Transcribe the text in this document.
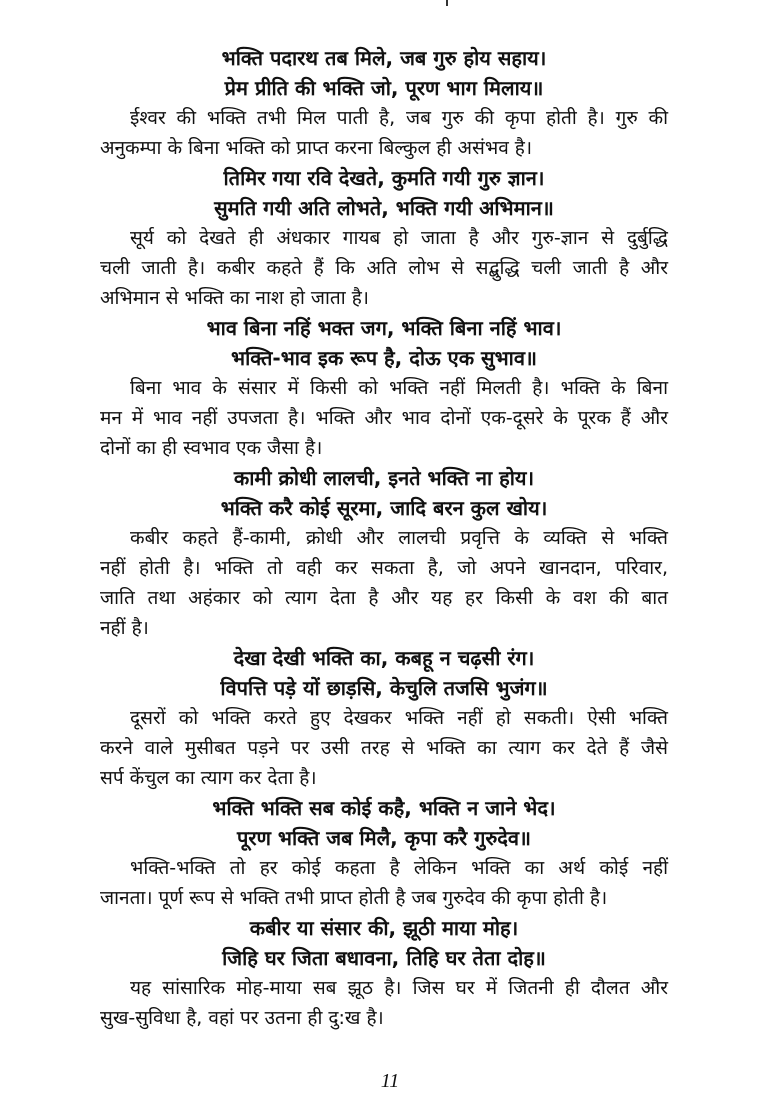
भक्ति पदारथ तब मिले, जब गुरु होय सहाय।
प्रेम प्रीति की भक्ति जो, पूरण भाग मिलाय॥
ईश्वर की भक्ति तभी मिल पाती है, जब गुरु की कृपा होती है। गुरु की
अनुकम्पा के बिना भक्ति को प्राप्त करना बिल्कुल ही असंभव है।
तिमिर गया रवि देखते, कुमति गयी गुरु ज्ञान।
सुमति गयी अति लोभते, भक्ति गयी अभिमान॥
सूर्य को देखते ही अंधकार गायब हो जाता है और गुरु-ज्ञान से दुर्बुद्धि
चली जाती है। कबीर कहते हैं कि अति लोभ से सद्बुद्धि चली जाती है और
अभिमान से भक्ति का नाश हो जाता है।
भाव बिना नहिं भक्त जग, भक्ति बिना नहिं भाव।
भक्ति-भाव इक रूप है, दोऊ एक सुभाव॥
बिना भाव के संसार में किसी को भक्ति नहीं मिलती है। भक्ति के बिना
मन में भाव नहीं उपजता है। भक्ति और भाव दोनों एक-दूसरे के पूरक हैं और
दोनों का ही स्वभाव एक जैसा है।
कामी क्रोधी लालची, इनते भक्ति ना होय।
भक्ति करै कोई सूरमा, जादि बरन कुल खोय।
कबीर कहते हैं-कामी, क्रोधी और लालची प्रवृत्ति के व्यक्ति से भक्ति
नहीं होती है। भक्ति तो वही कर सकता है, जो अपने खानदान, परिवार,
जाति तथा अहंकार को त्याग देता है और यह हर किसी के वश की बात
नहीं है।
देखा देखी भक्ति का, कबहू न चढ़सी रंग।
विपत्ति पड़े यों छाड़सि, केचुलि तजसि भुजंग॥
दूसरों को भक्ति करते हुए देखकर भक्ति नहीं हो सकती। ऐसी भक्ति
करने वाले मुसीबत पड़ने पर उसी तरह से भक्ति का त्याग कर देते हैं जैसे
सर्प केंचुल का त्याग कर देता है।
भक्ति भक्ति सब कोई कहै, भक्ति न जाने भेद।
पूरण भक्ति जब मिलै, कृपा करै गुरुदेव॥
भक्ति-भक्ति तो हर कोई कहता है लेकिन भक्ति का अर्थ कोई नहीं
जानता। पूर्ण रूप से भक्ति तभी प्राप्त होती है जब गुरुदेव की कृपा होती है।
कबीर या संसार की, झूठी माया मोह।
जिहि घर जिता बधावना, तिहि घर तेता दोह॥
यह सांसारिक मोह-माया सब झूठ है। जिस घर में जितनी ही दौलत और
सुख-सुविधा है, वहां पर उतना ही दु:ख है।
11
